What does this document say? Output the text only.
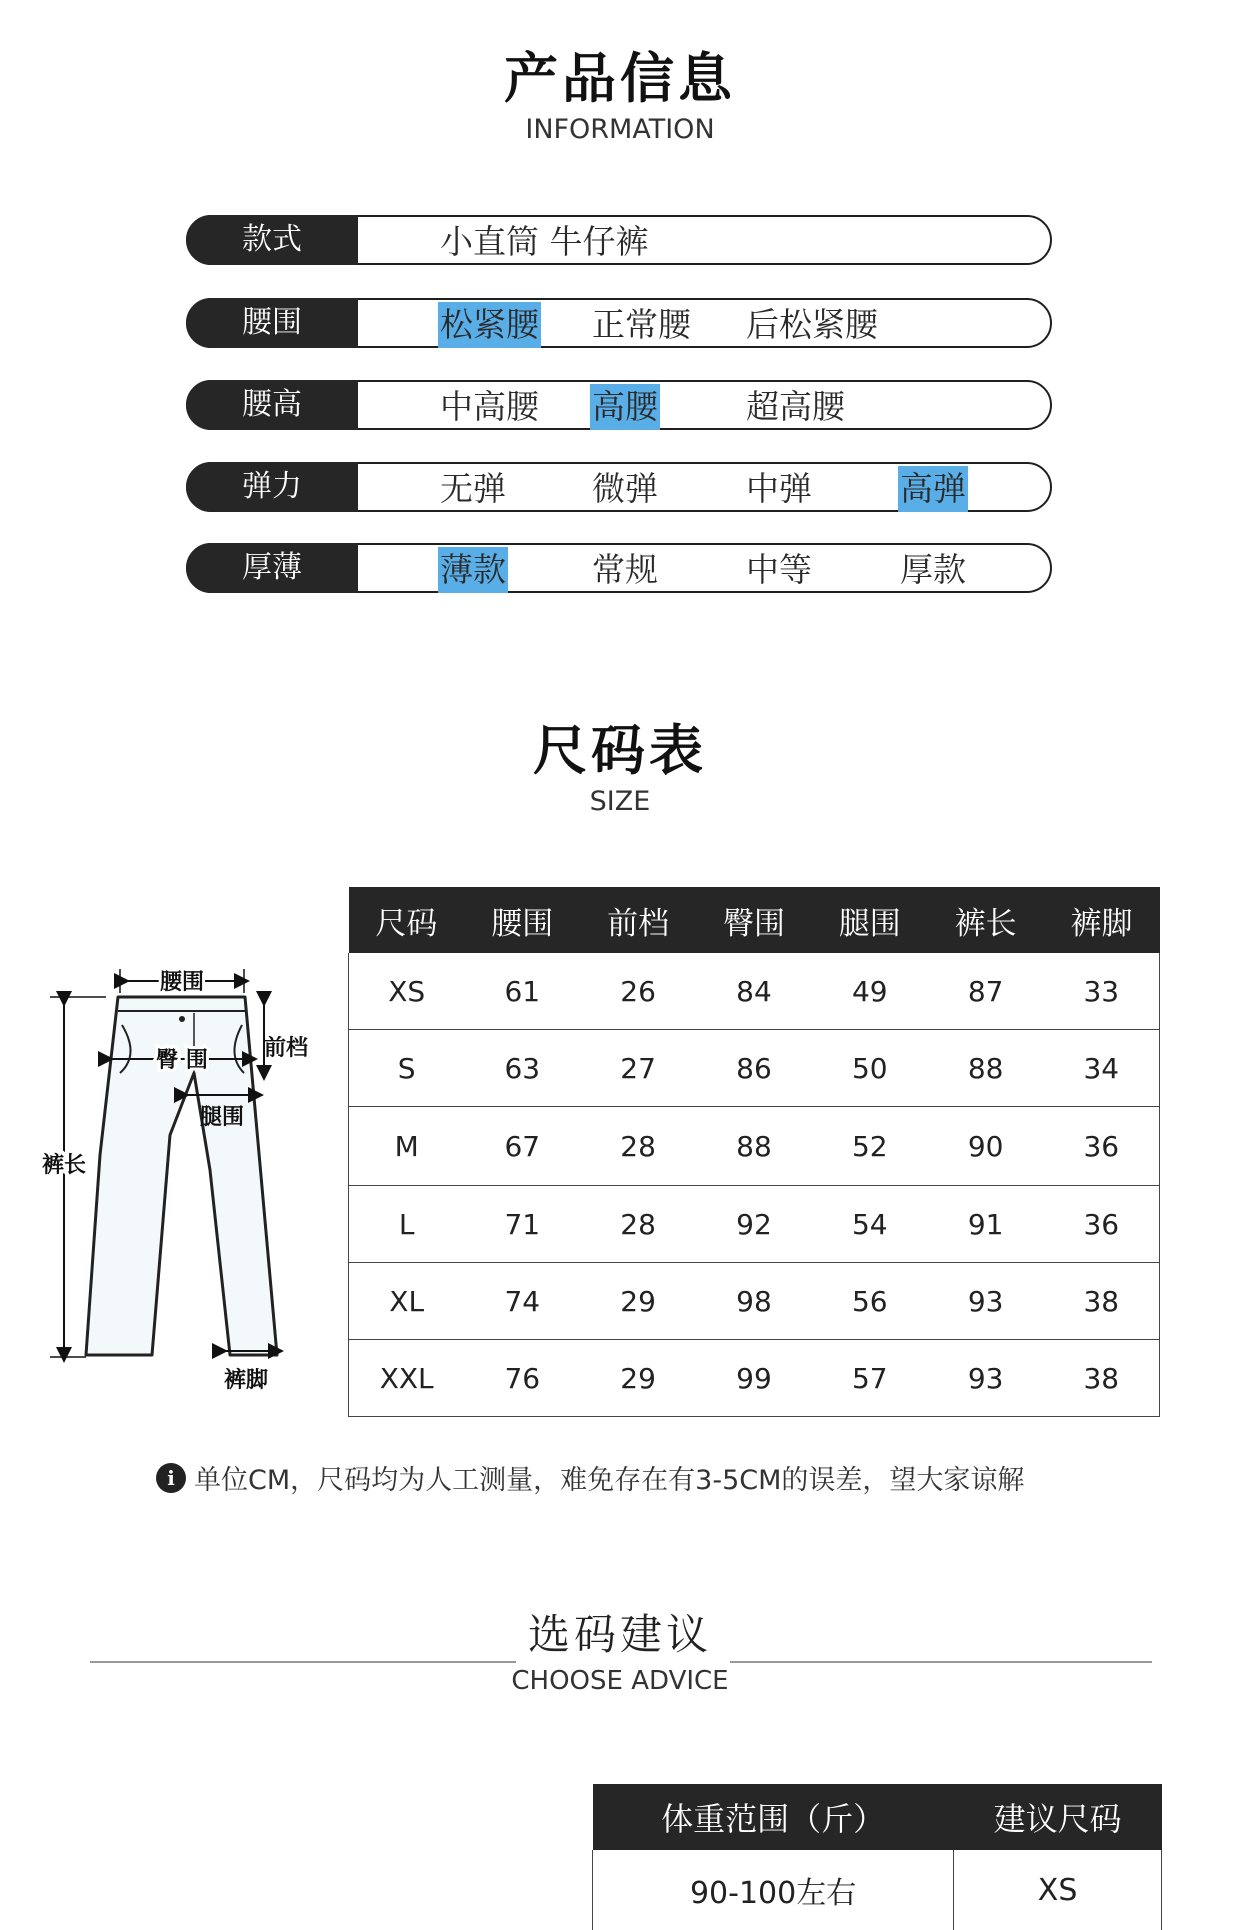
产品信息
INFORMATION
款式	小直筒 牛仔裤
腰围	松紧腰 正常腰 后松紧腰
腰高	中高腰 高腰	超高腰
弹力	无弹	微弹	中弹	高弹
厚薄	薄款	常规	中等	厚款
尺码表
SIZE
腰围
前档
臀 围
腿围
裤长
裤脚
尺码	腰围	前档	臀围	腿围	裤长	裤脚
XS	61	26	84	49	87	33
S	63	27	86	50	88	34
M	67	28	88	52	90	36
L	71	28	92	54	91	36
XL	74	29	98	56	93	38
XXL	76	29	99	57	93	38
i 单位CM，尺码均为人工测量，难免存在有3-5CM的误差，望大家谅解
选码建议
CHOOSE ADVICE
体重范围（斤）	建议尺码
90-100左右	XS
